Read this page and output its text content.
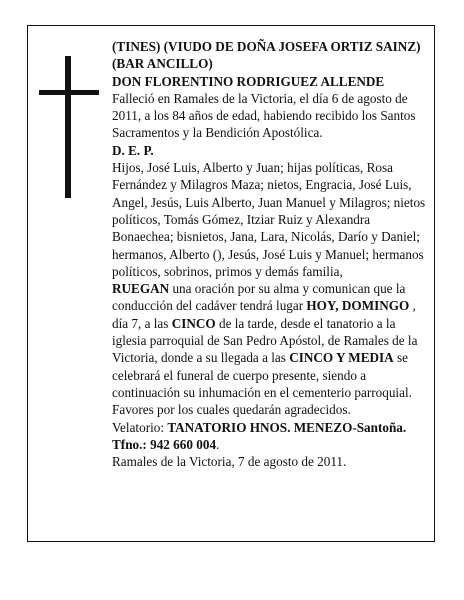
(TINES) (VIUDO DE DOÑA JOSEFA ORTIZ SAINZ) (BAR ANCILLO)

DON FLORENTINO RODRIGUEZ ALLENDE

Falleció en Ramales de la Victoria, el día 6 de agosto de 2011, a los 84 años de edad, habiendo recibido los Santos Sacramentos y la Bendición Apostólica.

D. E. P.

Hijos, José Luis, Alberto y Juan; hijas políticas, Rosa Fernández y Milagros Maza; nietos, Engracia, José Luis, Angel, Jesús, Luis Alberto, Juan Manuel y Milagros; nietos políticos, Tomás Gómez, Itziar Ruiz y Alexandra Bonaechea; bisnietos, Jana, Lara, Nicolás, Darío y Daniel; hermanos, Alberto (), Jesús, José Luis y Manuel; hermanos políticos, sobrinos, primos y demás familia,

RUEGAN una oración por su alma y comunican que la conducción del cadáver tendrá lugar HOY, DOMINGO , día 7, a las CINCO de la tarde, desde el tanatorio a la iglesia parroquial de San Pedro Apóstol, de Ramales de la Victoria, donde a su llegada a las CINCO Y MEDIA se celebrará el funeral de cuerpo presente, siendo a continuación su inhumación en el cementerio parroquial. Favores por los cuales quedarán agradecidos.

Velatorio: TANATORIO HNOS. MENEZO-Santoña. Tfno.: 942 660 004.

Ramales de la Victoria, 7 de agosto de 2011.
